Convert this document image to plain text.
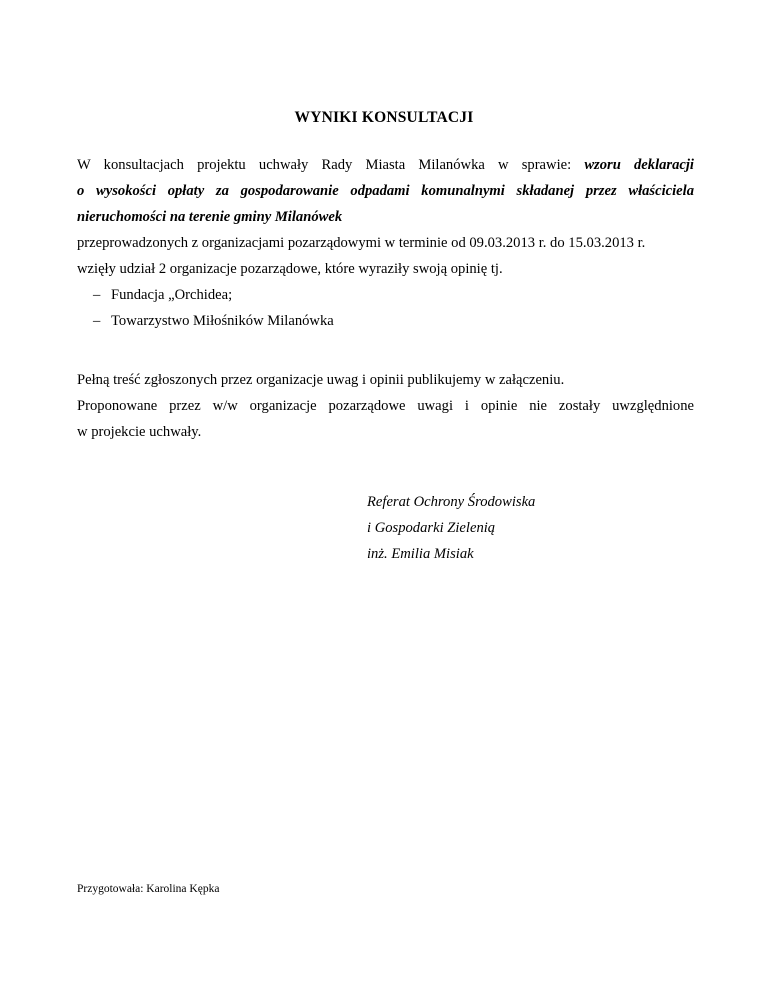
WYNIKI KONSULTACJI
W konsultacjach projektu uchwały Rady Miasta Milanówka w sprawie: wzoru deklaracji
o wysokości opłaty za gospodarowanie odpadami komunalnymi składanej przez właściciela
nieruchomości na terenie gminy Milanówek
przeprowadzonych z organizacjami pozarządowymi w terminie od 09.03.2013 r. do 15.03.2013 r.
wzięły udział 2 organizacje pozarządowe, które wyraziły swoją opinię tj.
– Fundacja „Orchidea;
– Towarzystwo Miłośników Milanówka
Pełną treść zgłoszonych przez organizacje uwag i opinii publikujemy w załączeniu.
Proponowane przez w/w organizacje pozarządowe uwagi i opinie nie zostały uwzględnione
w projekcie uchwały.
Referat Ochrony Środowiska
i Gospodarki Zielenią
inż. Emilia Misiak
Przygotowała: Karolina Kępka
